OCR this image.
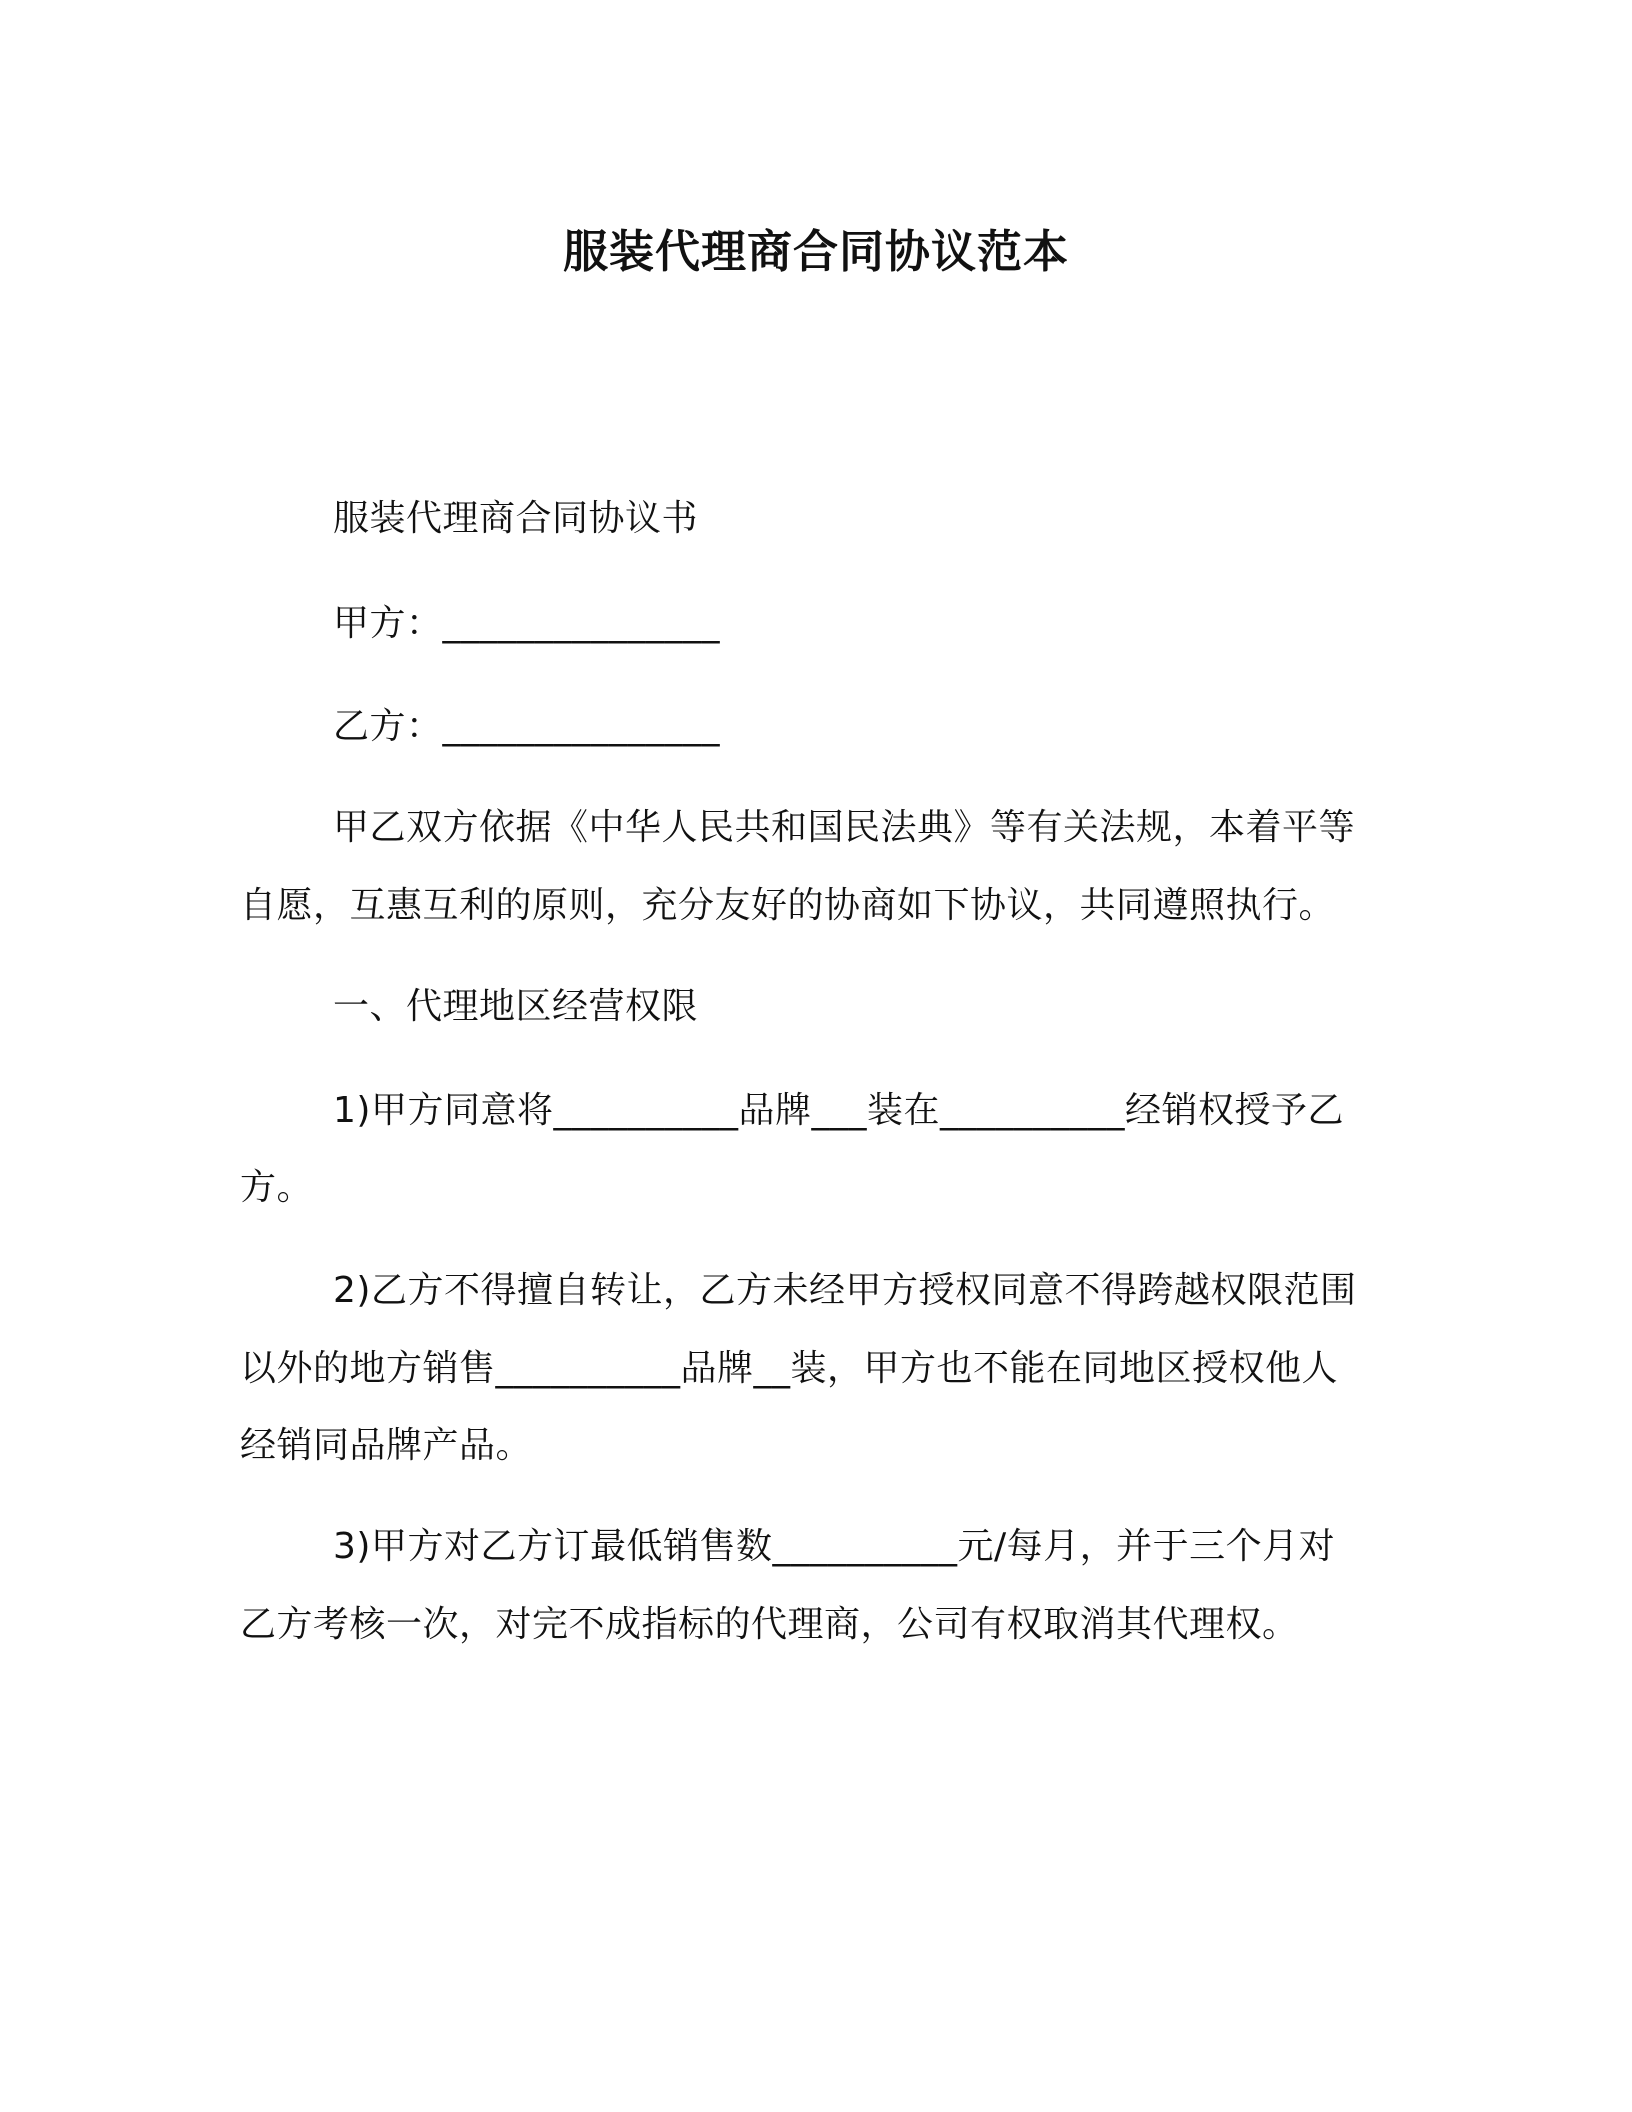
服装代理商合同协议范本
服装代理商合同协议书
甲方：_______________
乙方：_______________
甲乙双方依据《中华人民共和国民法典》等有关法规，本着平等
自愿，互惠互利的原则，充分友好的协商如下协议，共同遵照执行。
一、代理地区经营权限
1)甲方同意将__________品牌___装在__________经销权授予乙
方。
2)乙方不得擅自转让，乙方未经甲方授权同意不得跨越权限范围
以外的地方销售__________品牌__装，甲方也不能在同地区授权他人
经销同品牌产品。
3)甲方对乙方订最低销售数__________元/每月，并于三个月对
乙方考核一次，对完不成指标的代理商，公司有权取消其代理权。
